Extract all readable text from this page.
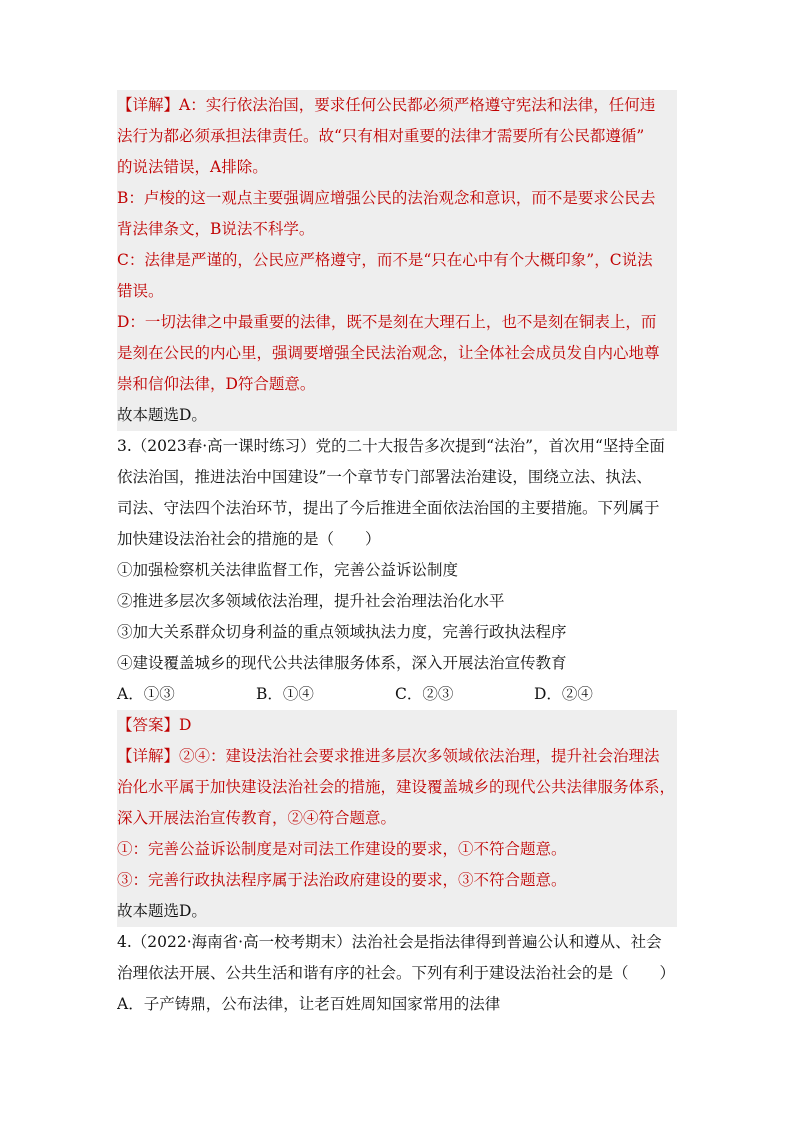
【详解】A：实行依法治国，要求任何公民都必须严格遵守宪法和法律，任何违
法行为都必须承担法律责任。故“只有相对重要的法律才需要所有公民都遵循”
的说法错误，A排除。
B：卢梭的这一观点主要强调应增强公民的法治观念和意识，而不是要求公民去
背法律条文，B说法不科学。
C：法律是严谨的，公民应严格遵守，而不是“只在心中有个大概印象”，C说法
错误。
D：一切法律之中最重要的法律，既不是刻在大理石上，也不是刻在铜表上，而
是刻在公民的内心里，强调要增强全民法治观念，让全体社会成员发自内心地尊
崇和信仰法律，D符合题意。
故本题选D。
3.（2023春·高一课时练习）党的二十大报告多次提到“法治”，首次用“坚持全面
依法治国，推进法治中国建设”一个章节专门部署法治建设，围绕立法、执法、
司法、守法四个法治环节，提出了今后推进全面依法治国的主要措施。下列属于
加快建设法治社会的措施的是（　　）
①加强检察机关法律监督工作，完善公益诉讼制度
②推进多层次多领域依法治理，提升社会治理法治化水平
③加大关系群众切身利益的重点领域执法力度，完善行政执法程序
④建设覆盖城乡的现代公共法律服务体系，深入开展法治宣传教育
A．①③	B．①④	C．②③	D．②④
【答案】D
【详解】②④：建设法治社会要求推进多层次多领域依法治理，提升社会治理法
治化水平属于加快建设法治社会的措施，建设覆盖城乡的现代公共法律服务体系，
深入开展法治宣传教育，②④符合题意。
①：完善公益诉讼制度是对司法工作建设的要求，①不符合题意。
③：完善行政执法程序属于法治政府建设的要求，③不符合题意。
故本题选D。
4.（2022·海南省·高一校考期末）法治社会是指法律得到普遍公认和遵从、社会
治理依法开展、公共生活和谐有序的社会。下列有利于建设法治社会的是（　　）
A．子产铸鼎，公布法律，让老百姓周知国家常用的法律
